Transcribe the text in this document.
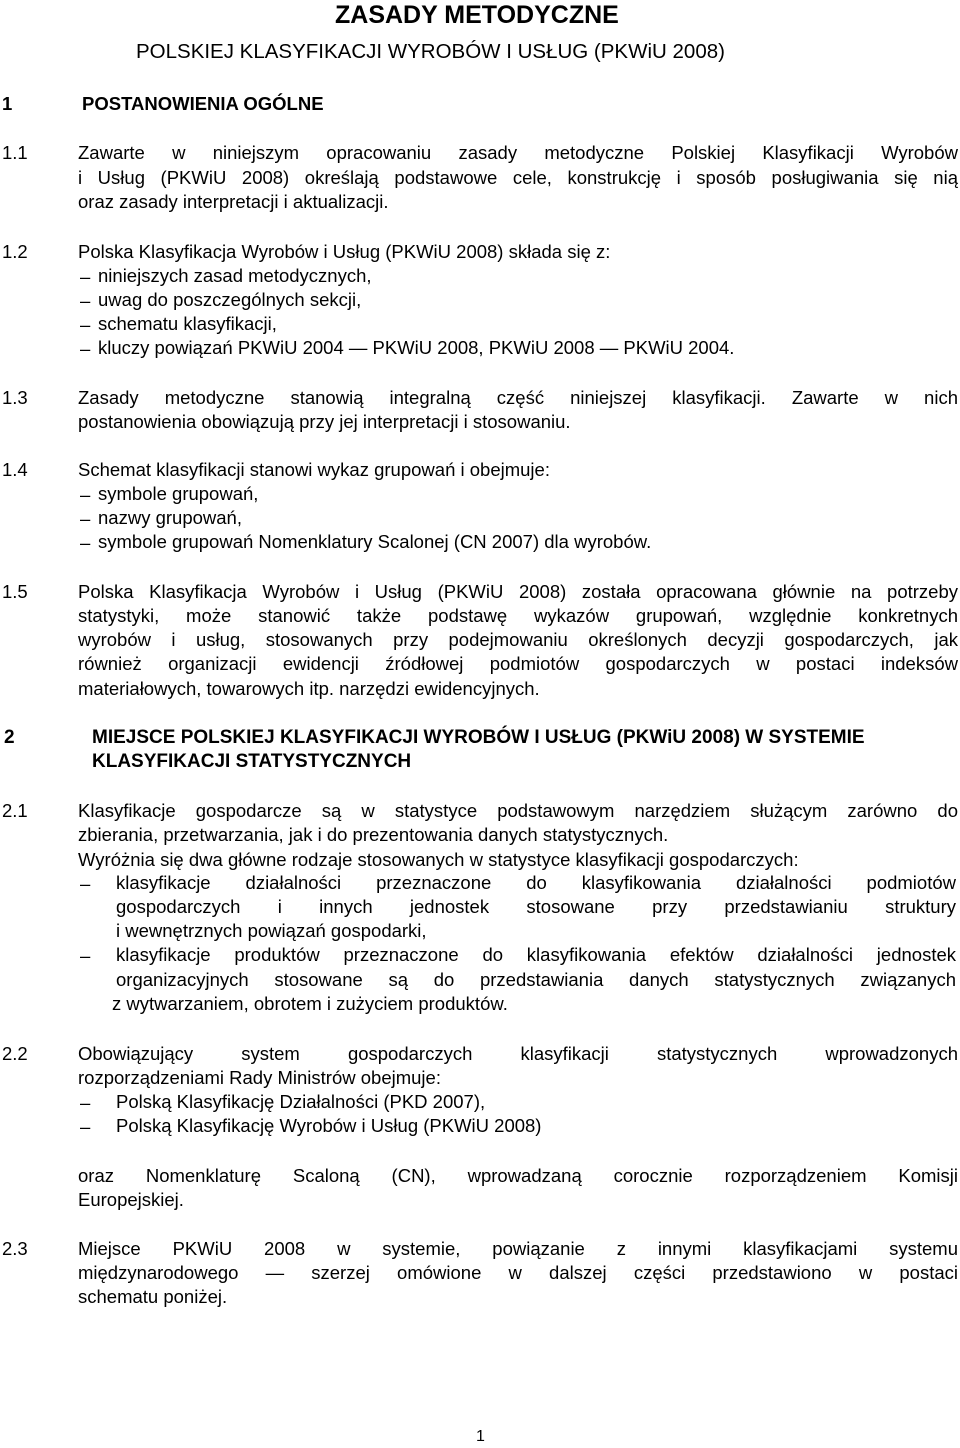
ZASADY METODYCZNE
POLSKIEJ KLASYFIKACJI WYROBÓW I USŁUG (PKWiU 2008)
1	POSTANOWIENIA OGÓLNE
1.1	Zawarte w niniejszym opracowaniu zasady metodyczne Polskiej Klasyfikacji Wyrobów
i Usług (PKWiU 2008) określają podstawowe cele, konstrukcję i sposób posługiwania się nią
oraz zasady interpretacji i aktualizacji.
1.2	Polska Klasyfikacja Wyrobów i Usług (PKWiU 2008) składa się z:
– niniejszych zasad metodycznych,
– uwag do poszczególnych sekcji,
– schematu klasyfikacji,
– kluczy powiązań PKWiU 2004 — PKWiU 2008, PKWiU 2008 — PKWiU 2004.
1.3	Zasady metodyczne stanowią integralną część niniejszej klasyfikacji. Zawarte w nich
postanowienia obowiązują przy jej interpretacji i stosowaniu.
1.4	Schemat klasyfikacji stanowi wykaz grupowań i obejmuje:
– symbole grupowań,
– nazwy grupowań,
– symbole grupowań Nomenklatury Scalonej (CN 2007) dla wyrobów.
1.5	Polska Klasyfikacja Wyrobów i Usług (PKWiU 2008) została opracowana głównie na potrzeby
statystyki, może stanowić także podstawę wykazów grupowań, względnie konkretnych
wyrobów i usług, stosowanych przy podejmowaniu określonych decyzji gospodarczych, jak
również organizacji ewidencji źródłowej podmiotów gospodarczych w postaci indeksów
materiałowych, towarowych itp. narzędzi ewidencyjnych.
2	MIEJSCE POLSKIEJ KLASYFIKACJI WYROBÓW I USŁUG (PKWiU 2008) W SYSTEMIE
KLASYFIKACJI STATYSTYCZNYCH
2.1	Klasyfikacje gospodarcze są w statystyce podstawowym narzędziem służącym zarówno do
zbierania, przetwarzania, jak i do prezentowania danych statystycznych.
Wyróżnia się dwa główne rodzaje stosowanych w statystyce klasyfikacji gospodarczych:
– klasyfikacje działalności przeznaczone do klasyfikowania działalności podmiotów
gospodarczych i innych jednostek stosowane przy przedstawianiu struktury
i wewnętrznych powiązań gospodarki,
– klasyfikacje produktów przeznaczone do klasyfikowania efektów działalności jednostek
organizacyjnych stosowane są do przedstawiania danych statystycznych związanych
z wytwarzaniem, obrotem i zużyciem produktów.
2.2	Obowiązujący system gospodarczych klasyfikacji statystycznych wprowadzonych
rozporządzeniami Rady Ministrów obejmuje:
– Polską Klasyfikację Działalności (PKD 2007),
– Polską Klasyfikację Wyrobów i Usług (PKWiU 2008)
oraz Nomenklaturę Scaloną (CN), wprowadzaną corocznie rozporządzeniem Komisji
Europejskiej.
2.3	Miejsce PKWiU 2008 w systemie, powiązanie z innymi klasyfikacjami systemu
międzynarodowego — szerzej omówione w dalszej części przedstawiono w postaci
schematu poniżej.
1
